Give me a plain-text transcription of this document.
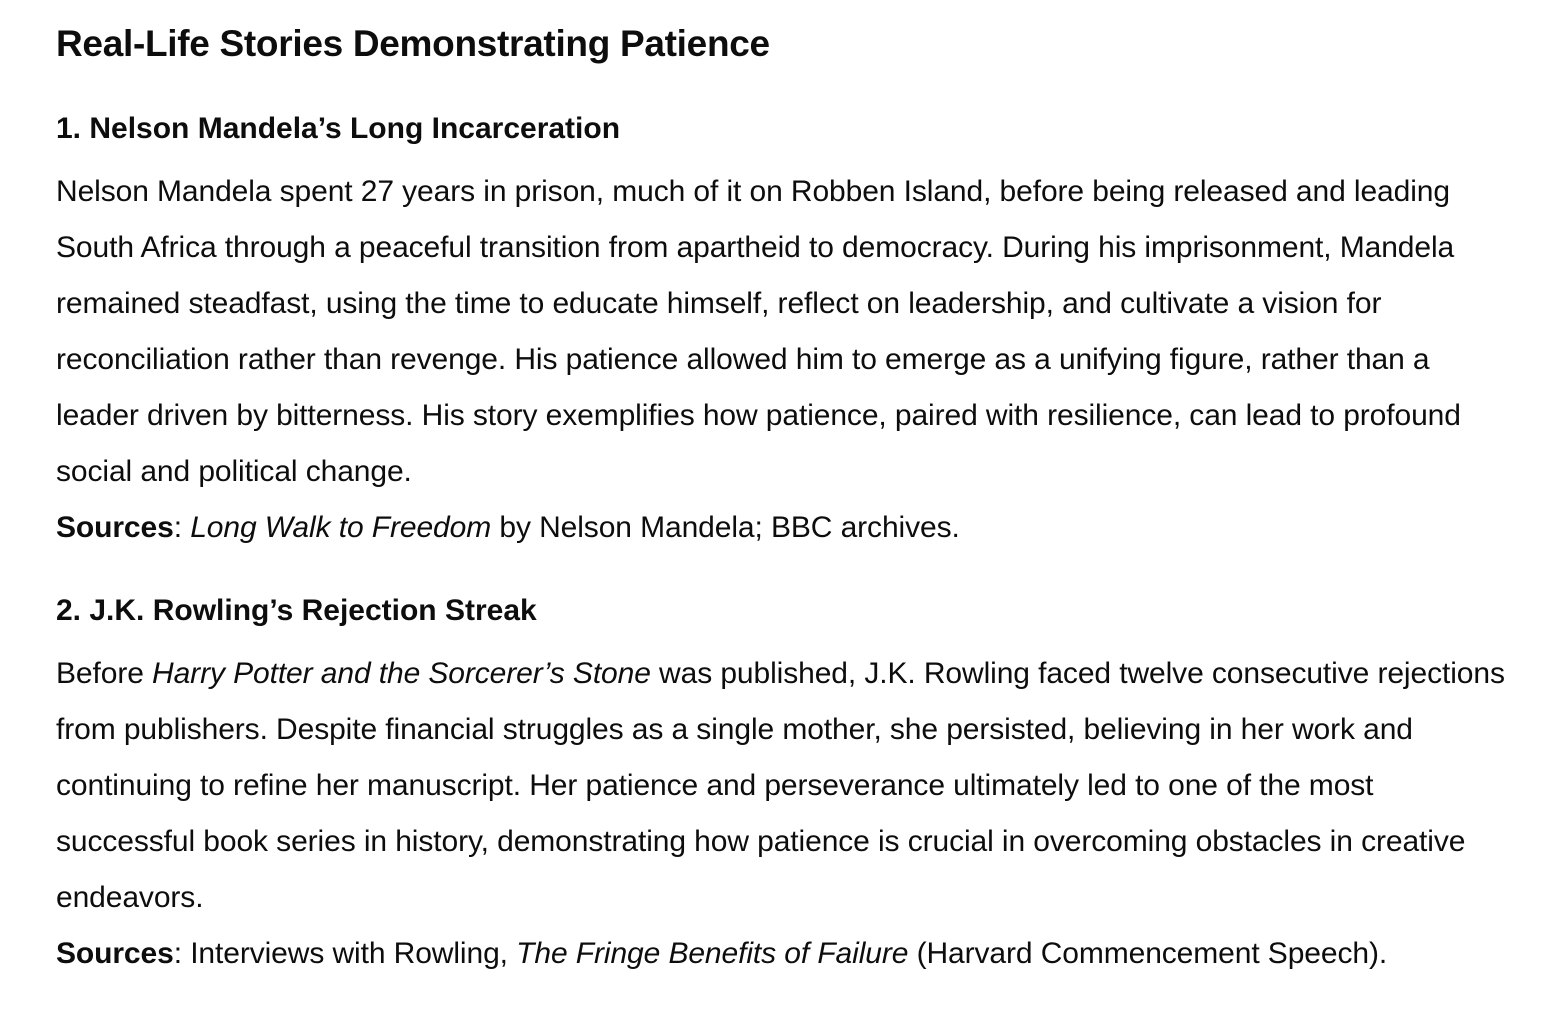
Real-Life Stories Demonstrating Patience
1. Nelson Mandela’s Long Incarceration

Nelson Mandela spent 27 years in prison, much of it on Robben Island, before being released and leading South Africa through a peaceful transition from apartheid to democracy. During his imprisonment, Mandela remained steadfast, using the time to educate himself, reflect on leadership, and cultivate a vision for reconciliation rather than revenge. His patience allowed him to emerge as a unifying figure, rather than a leader driven by bitterness. His story exemplifies how patience, paired with resilience, can lead to profound social and political change.

Sources: Long Walk to Freedom by Nelson Mandela; BBC archives.

2. J.K. Rowling’s Rejection Streak

Before Harry Potter and the Sorcerer’s Stone was published, J.K. Rowling faced twelve consecutive rejections from publishers. Despite financial struggles as a single mother, she persisted, believing in her work and continuing to refine her manuscript. Her patience and perseverance ultimately led to one of the most successful book series in history, demonstrating how patience is crucial in overcoming obstacles in creative endeavors.

Sources: Interviews with Rowling, The Fringe Benefits of Failure (Harvard Commencement Speech).
